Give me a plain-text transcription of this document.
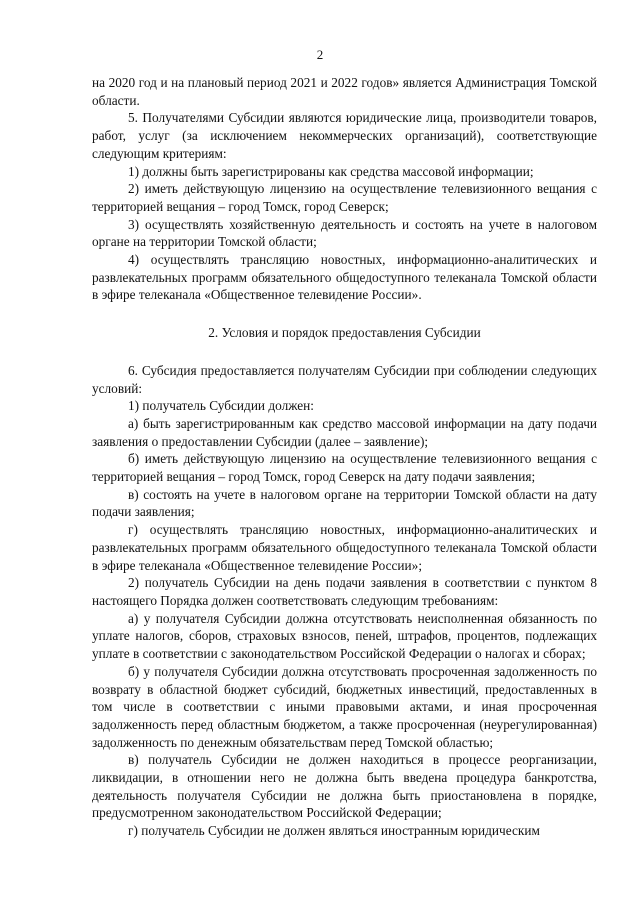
2

на 2020 год и на плановый период 2021 и 2022 годов» является Администрация Томской области.

5. Получателями Субсидии являются юридические лица, производители товаров, работ, услуг (за исключением некоммерческих организаций), соответствующие следующим критериям:

1) должны быть зарегистрированы как средства массовой информации;

2) иметь действующую лицензию на осуществление телевизионного вещания с территорией вещания – город Томск, город Северск;

3) осуществлять хозяйственную деятельность и состоять на учете в налоговом органе на территории Томской области;

4) осуществлять трансляцию новостных, информационно-аналитических и развлекательных программ обязательного общедоступного телеканала Томской области в эфире телеканала «Общественное телевидение России».

2. Условия и порядок предоставления Субсидии

6. Субсидия предоставляется получателям Субсидии при соблюдении следующих условий:

1) получатель Субсидии должен:

а) быть зарегистрированным как средство массовой информации на дату подачи заявления о предоставлении Субсидии (далее – заявление);

б) иметь действующую лицензию на осуществление телевизионного вещания с территорией вещания – город Томск, город Северск на дату подачи заявления;

в) состоять на учете в налоговом органе на территории Томской области на дату подачи заявления;

г) осуществлять трансляцию новостных, информационно-аналитических и развлекательных программ обязательного общедоступного телеканала Томской области в эфире телеканала «Общественное телевидение России»;

2) получатель Субсидии на день подачи заявления в соответствии с пунктом 8 настоящего Порядка должен соответствовать следующим требованиям:

а) у получателя Субсидии должна отсутствовать неисполненная обязанность по уплате налогов, сборов, страховых взносов, пеней, штрафов, процентов, подлежащих уплате в соответствии с законодательством Российской Федерации о налогах и сборах;

б) у получателя Субсидии должна отсутствовать просроченная задолженность по возврату в областной бюджет субсидий, бюджетных инвестиций, предоставленных в том числе в соответствии с иными правовыми актами, и иная просроченная задолженность перед областным бюджетом, а также просроченная (неурегулированная) задолженность по денежным обязательствам перед Томской областью;

в) получатель Субсидии не должен находиться в процессе реорганизации, ликвидации, в отношении него не должна быть введена процедура банкротства, деятельность получателя Субсидии не должна быть приостановлена в порядке, предусмотренном законодательством Российской Федерации;

г) получатель Субсидии не должен являться иностранным юридическим
